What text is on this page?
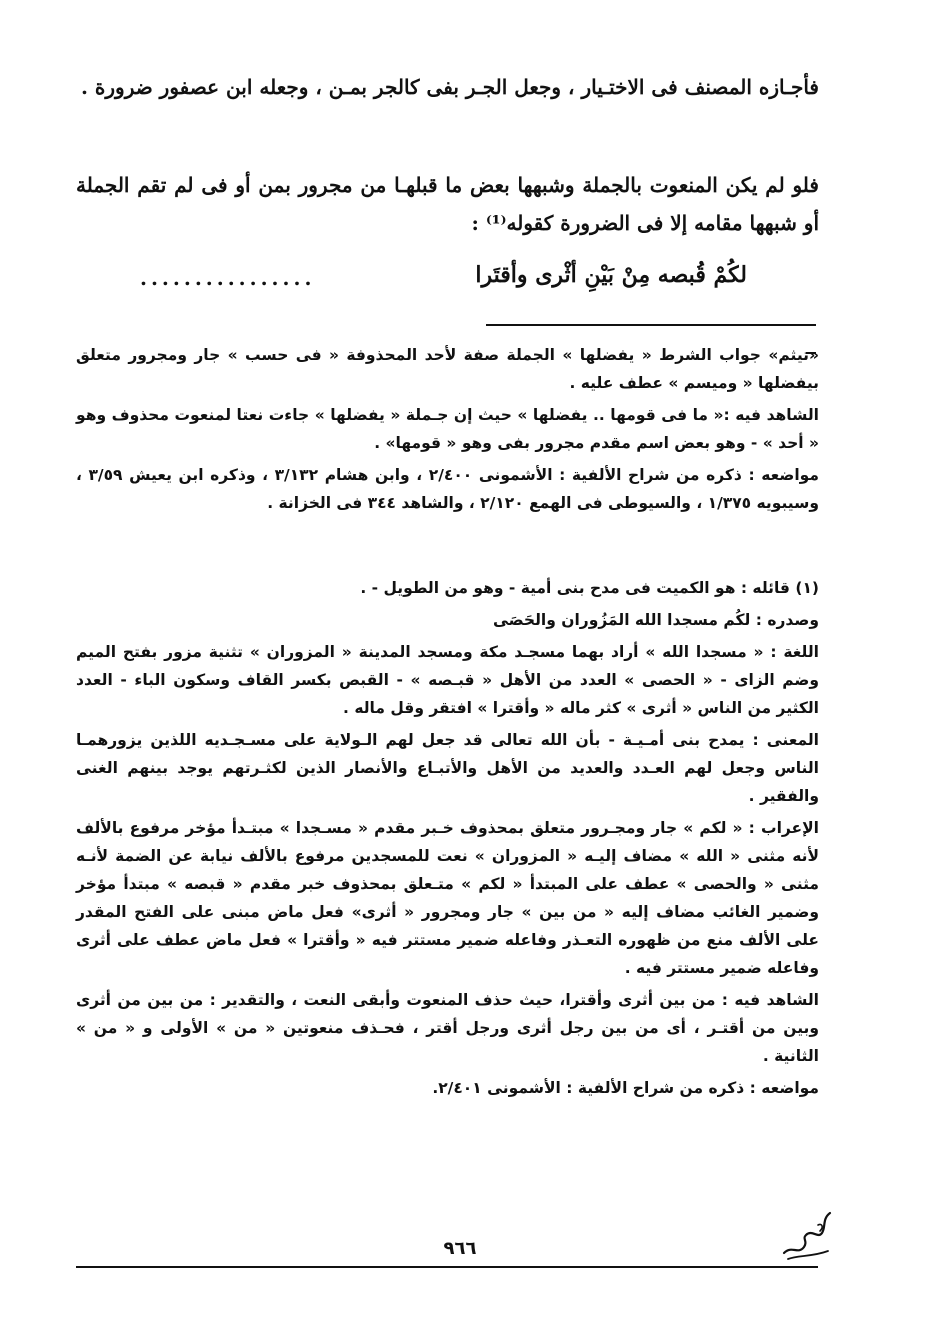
فأجـازه المصنف فى الاختـيار ، وجعل الجـر بفى كالجر بمـن ، وجعله ابن عصفور ضرورة .

فلو لم يكن المنعوت بالجملة وشبهها بعض ما قبلهـا من مجرور بمن أو فى لم تقم الجملة أو شبهها مقامه إلا فى الضرورة كقوله⁽¹⁾ :

لكُمْ قُبصه مِنْ بَيْنِ أثْرى وأقتَرا
................

«تيثم» جواب الشرط « يفضلها » الجملة صفة لأحد المحذوفة « فى حسب » جار ومجرور متعلق بيفضلها « وميسم » عطف عليه .

الشاهد فيه :« ما فى قومها .. يفضلها » حيث إن جـملة « يفضلها » جاءت نعتا لمنعوت محذوف وهو « أحد » - وهو بعض اسم مقدم مجرور بفى وهو « قومها» .

مواضعه : ذكره من شراح الألفية : الأشمونى ٢/٤٠٠ ، وابن هشام ٣/١٣٢ ، وذكره ابن يعيش ٣/٥٩ ، وسيبويه ١/٣٧٥ ، والسيوطى فى الهمع ٢/١٢٠ ، والشاهد ٣٤٤ فى الخزانة .

(١) قائله : هو الكميت فى مدح بنى أمية - وهو من الطويل - .

وصدره : لكُم مسجدا الله المَزُوران والحَصَى

اللغة : « مسجدا الله » أراد بهما مسجـد مكة ومسجد المدينة « المزوران » تثنية مزور بفتح الميم وضم الزاى - « الحصى » العدد من الأهل « قبـصه » - القبص بكسر القاف وسكون الباء - العدد الكثير من الناس « أثرى » كثر ماله « وأقترا » افتقر وقل ماله .

المعنى : يمدح بنى أمـيـة - بأن الله تعالى قد جعل لهم الـولاية على مسـجـديه اللذين يزورهمـا الناس وجعل لهم العـدد والعديد من الأهل والأتبـاع والأنصار الذين لكثـرتهم يوجد بينهم الغنى والفقير .

الإعراب : « لكم » جار ومجـرور متعلق بمحذوف خـبر مقدم « مسـجدا » مبتـدأ مؤخر مرفوع بالألف لأنه مثنى « الله » مضاف إليـه « المزوران » نعت للمسجدين مرفوع بالألف نيابة عن الضمة لأنـه مثنى « والحصى » عطف على المبتدأ « لكم » متـعلق بمحذوف خبر مقدم « قبصه » مبتدأ مؤخر وضمير الغائب مضاف إليه « من بين » جار ومجرور « أثرى» فعل ماض مبنى على الفتح المقدر على الألف منع من ظهوره التعـذر وفاعله ضمير مستتر فيه « وأقترا » فعل ماض عطف على أثرى وفاعله ضمير مستتر فيه .

الشاهد فيه : من بين أثرى وأقترا، حيث حذف المنعوت وأبقى النعت ، والتقدير : من بين من أثرى وبين من أقتـر ، أى من بين رجل أثرى ورجل أقتر ، فحـذف منعوتين « من » الأولى و « من » الثانية .

مواضعه : ذكره من شراح الألفية : الأشمونى ٢/٤٠١.

٩٦٦
